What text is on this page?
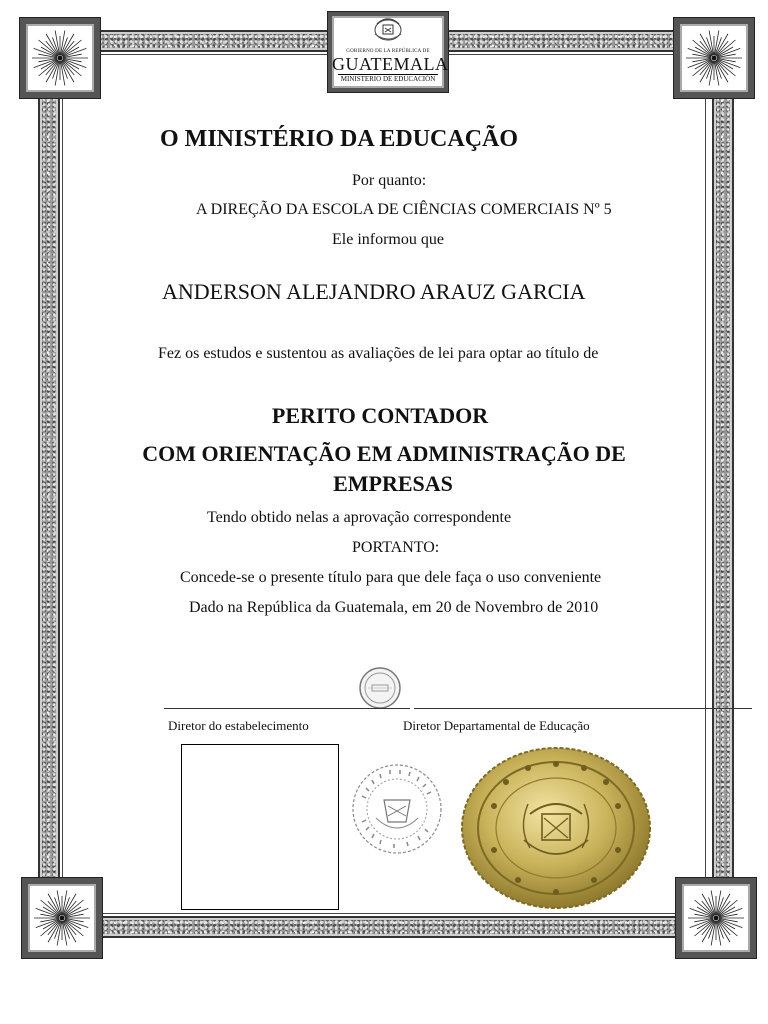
GOBIERNO DE LA REPÚBLICA DE
GUATEMALA
MINISTERIO DE EDUCACIÓN
O MINISTÉRIO DA EDUCAÇÃO
Por quanto:
A DIREÇÃO DA ESCOLA DE CIÊNCIAS COMERCIAIS Nº 5
Ele informou que
ANDERSON ALEJANDRO ARAUZ GARCIA
Fez os estudos e sustentou as avaliações de lei para optar ao título de
PERITO CONTADOR
COM ORIENTAÇÃO EM ADMINISTRAÇÃO DE
EMPRESAS
Tendo obtido nelas a aprovação correspondente
PORTANTO:
Concede-se o presente título para que dele faça o uso conveniente
Dado na República da Guatemala, em 20 de Novembro de 2010
Diretor do estabelecimento	Diretor Departamental de Educação
